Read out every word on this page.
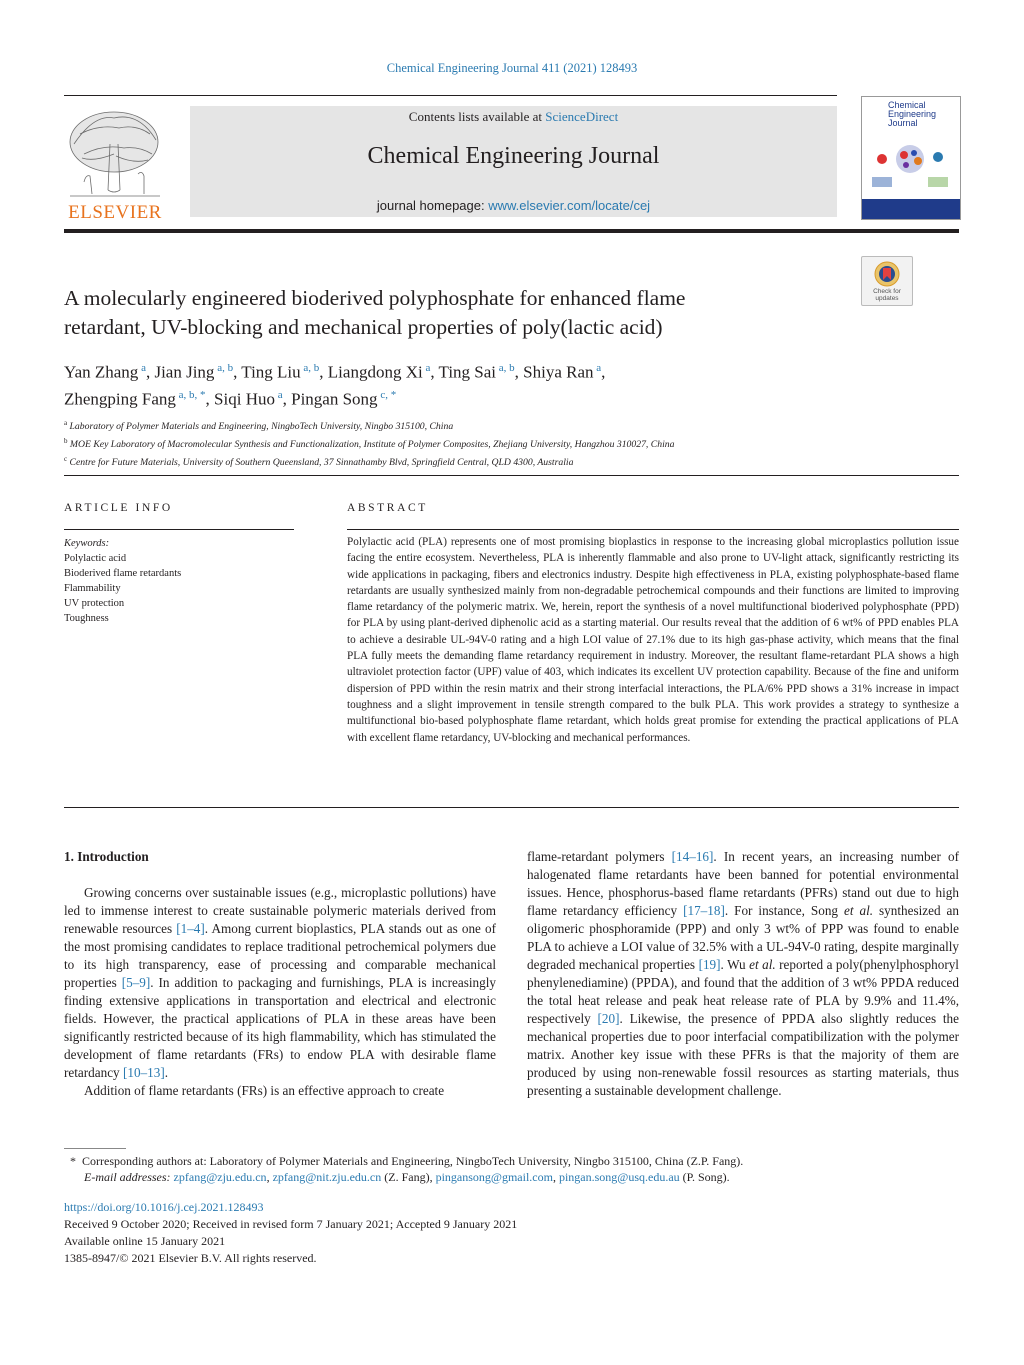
Chemical Engineering Journal 411 (2021) 128493
ELSEVIER
Contents lists available at ScienceDirect
Chemical Engineering Journal
journal homepage: www.elsevier.com/locate/cej
Chemical
Engineering
Journal
Check for
updates
A molecularly engineered bioderived polyphosphate for enhanced flame
retardant, UV-blocking and mechanical properties of poly(lactic acid)
Yan Zhang $^a$, Jian Jing $^{a, b}$, Ting Liu $^{a, b}$, Liangdong Xi $^a$, Ting Sai $^{a, b}$, Shiya Ran $^a$,
Zhengping Fang $^{a, b, *}$, Siqi Huo $^a$, Pingan Song $^{c, *}$
$^a$ Laboratory of Polymer Materials and Engineering, NingboTech University, Ningbo 315100, China
$^b$ MOE Key Laboratory of Macromolecular Synthesis and Functionalization, Institute of Polymer Composites, Zhejiang University, Hangzhou 310027, China
$^c$ Centre for Future Materials, University of Southern Queensland, 37 Sinnathamby Blvd, Springfield Central, QLD 4300, Australia
ARTICLE INFO
Keywords:
Polylactic acid
Bioderived flame retardants
Flammability
UV protection
Toughness
ABSTRACT
Polylactic acid (PLA) represents one of most promising bioplastics in response to the increasing global microplastics pollution issue facing the entire ecosystem. Nevertheless, PLA is inherently flammable and also prone to UV-light attack, significantly restricting its wide applications in packaging, fibers and electronics industry. Despite high effectiveness in PLA, existing polyphosphate-based flame retardants are usually synthesized mainly from non-degradable petrochemical compounds and their functions are limited to improving flame retardancy of the polymeric matrix. We, herein, report the synthesis of a novel multifunctional bioderived polyphosphate (PPD) for PLA by using plant-derived diphenolic acid as a starting material. Our results reveal that the addition of 6 wt% of PPD enables PLA to achieve a desirable UL-94V-0 rating and a high LOI value of 27.1% due to its high gas-phase activity, which means that the final PLA fully meets the demanding flame retardancy requirement in industry. Moreover, the resultant flame-retardant PLA shows a high ultraviolet protection factor (UPF) value of 403, which indicates its excellent UV protection capability. Because of the fine and uniform dispersion of PPD within the resin matrix and their strong interfacial interactions, the PLA/6% PPD shows a 31% increase in impact toughness and a slight improvement in tensile strength compared to the bulk PLA. This work provides a strategy to synthesize a multifunctional bio-based polyphosphate flame retardant, which holds great promise for extending the practical applications of PLA with excellent flame retardancy, UV-blocking and mechanical performances.

1. Introduction

Growing concerns over sustainable issues (e.g., microplastic pollutions) have led to immense interest to create sustainable polymeric materials derived from renewable resources [1–4]. Among current bioplastics, PLA stands out as one of the most promising candidates to replace traditional petrochemical polymers due to its high transparency, ease of processing and comparable mechanical properties [5–9]. In addition to packaging and furnishings, PLA is increasingly finding extensive applications in transportation and electrical and electronic fields. However, the practical applications of PLA in these areas have been significantly restricted because of its high flammability, which has stimulated the development of flame retardants (FRs) to endow PLA with desirable flame retardancy [10–13].

Addition of flame retardants (FRs) is an effective approach to create

flame-retardant polymers [14–16]. In recent years, an increasing number of halogenated flame retardants have been banned for potential environmental issues. Hence, phosphorus-based flame retardants (PFRs) stand out due to high flame retardancy efficiency [17–18]. For instance, Song et al. synthesized an oligomeric phosphoramide (PPP) and only 3 wt% of PPP was found to enable PLA to achieve a LOI value of 32.5% with a UL-94V-0 rating, despite marginally degraded mechanical properties [19]. Wu et al. reported a poly(phenylphosphoryl phenylenediamine) (PPDA), and found that the addition of 3 wt% PPDA reduced the total heat release and peak heat release rate of PLA by 9.9% and 11.4%, respectively [20]. Likewise, the presence of PPDA also slightly reduces the mechanical properties due to poor interfacial compatibilization with the polymer matrix. Another key issue with these PFRs is that the majority of them are produced by using non-renewable fossil resources as starting materials, thus presenting a sustainable development challenge.

* Corresponding authors at: Laboratory of Polymer Materials and Engineering, NingboTech University, Ningbo 315100, China (Z.P. Fang).
E-mail addresses: zpfang@zju.edu.cn, zpfang@nit.zju.edu.cn (Z. Fang), pingansong@gmail.com, pingan.song@usq.edu.au (P. Song).
https://doi.org/10.1016/j.cej.2021.128493
Received 9 October 2020; Received in revised form 7 January 2021; Accepted 9 January 2021
Available online 15 January 2021
1385-8947/© 2021 Elsevier B.V. All rights reserved.
